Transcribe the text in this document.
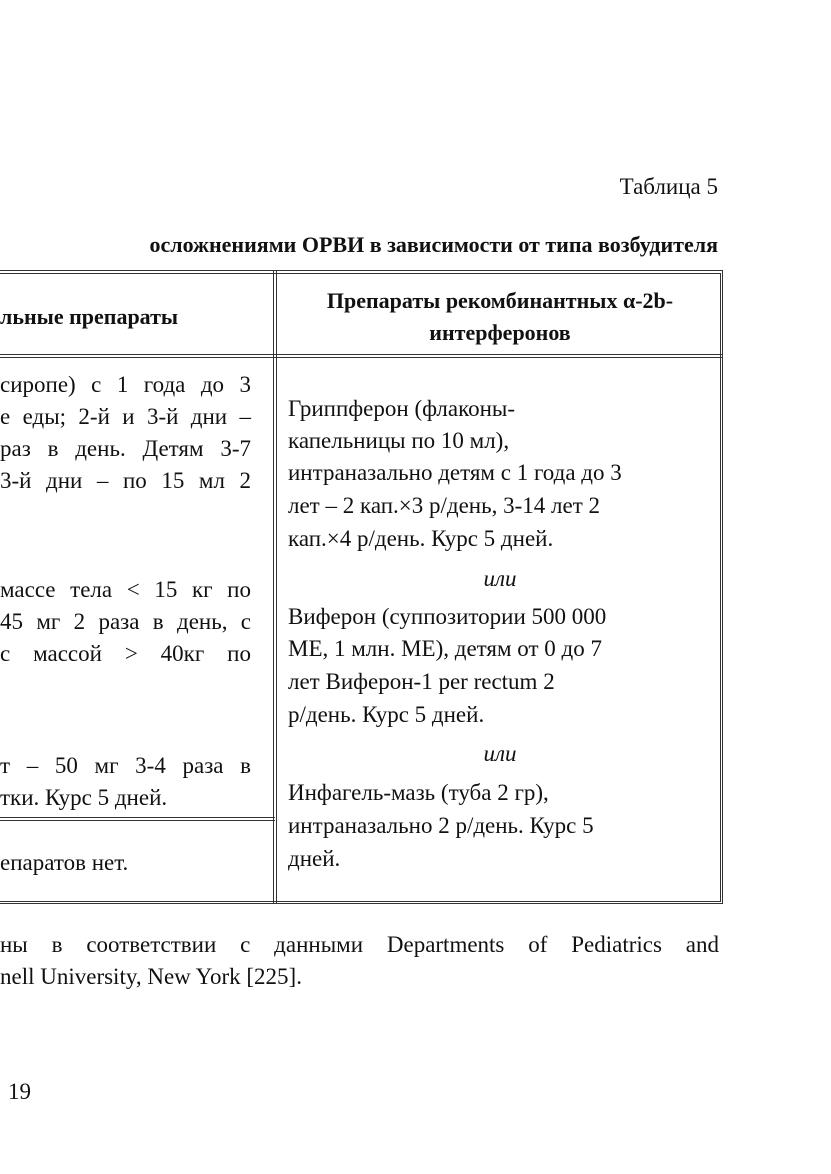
Таблица 5
осложнениями ОРВИ в зависимости от типа возбудителя
льные препараты
Препараты рекомбинантных α-2b-
интерферонов
сиропе) с 1 года до 3
е еды; 2-й и 3-й дни –
раз в день. Детям 3-7
3-й дни – по 15 мл 2
массе тела < 15 кг по
45 мг 2 раза в день, с
с массой > 40кг по
т – 50 мг 3-4 раза в
тки. Курс 5 дней.
епаратов нет.
Гриппферон (флаконы-
капельницы по 10 мл),
интраназально детям с 1 года до 3
лет – 2 кап.×3 р/день, 3-14 лет 2
кап.×4 р/день. Курс 5 дней.
или
Виферон (суппозитории 500 000
МЕ, 1 млн. МЕ), детям от 0 до 7
лет Виферон-1 per rectum 2
р/день. Курс 5 дней.
или
Инфагель-мазь (туба 2 гр),
интраназально 2 р/день. Курс 5
дней.
ны в соответствии с данными Departments of Pediatrics and
nell University, New York [225].
19
